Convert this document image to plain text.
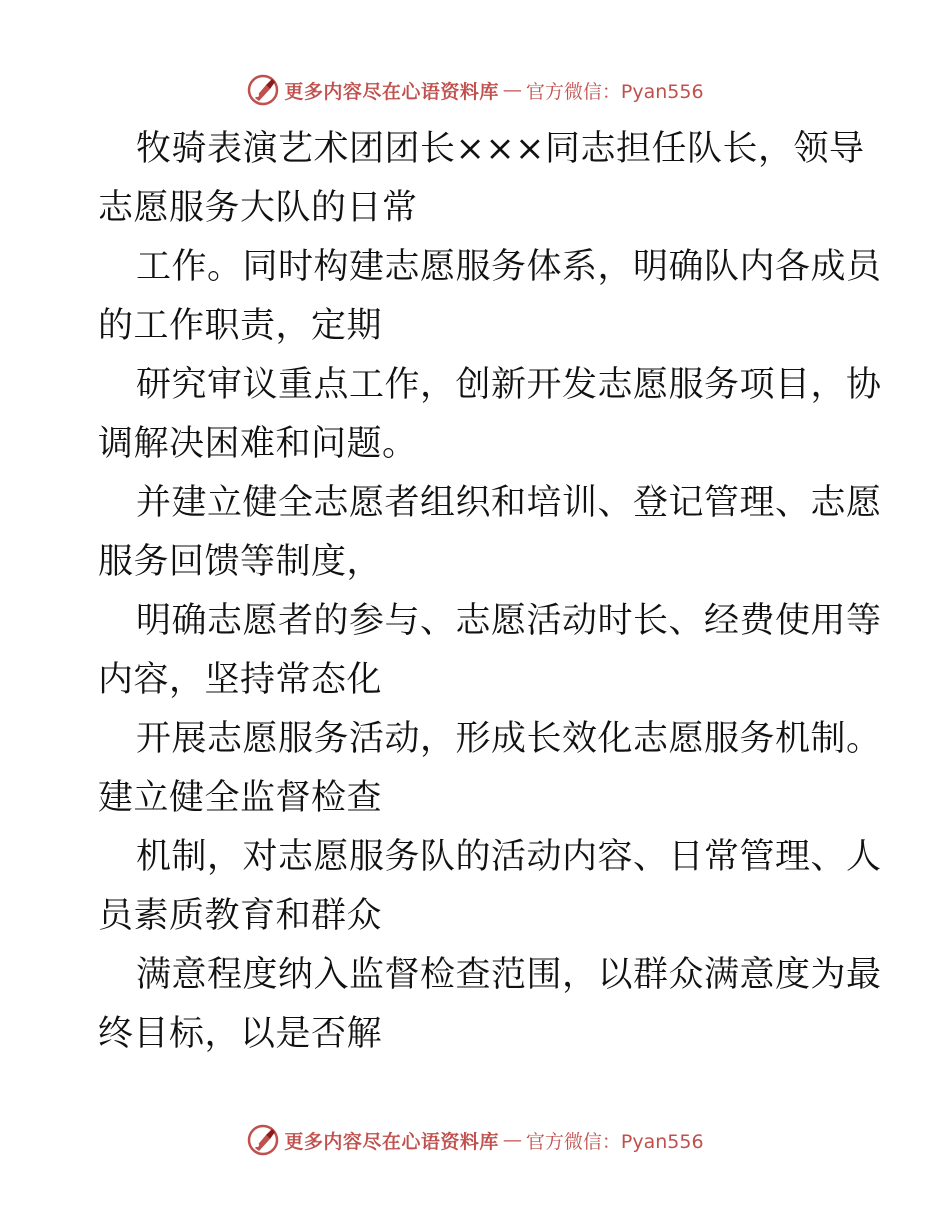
更多内容尽在心语资料库 — 官方微信：Pyan556
牧骑表演艺术团团长×××同志担任队长，领导
志愿服务大队的日常
工作。同时构建志愿服务体系，明确队内各成员
的工作职责，定期
研究审议重点工作，创新开发志愿服务项目，协
调解决困难和问题。
并建立健全志愿者组织和培训、登记管理、志愿
服务回馈等制度，
明确志愿者的参与、志愿活动时长、经费使用等
内容，坚持常态化
开展志愿服务活动，形成长效化志愿服务机制。
建立健全监督检查
机制，对志愿服务队的活动内容、日常管理、人
员素质教育和群众
满意程度纳入监督检查范围，以群众满意度为最
终目标，以是否解
更多内容尽在心语资料库 — 官方微信：Pyan556
